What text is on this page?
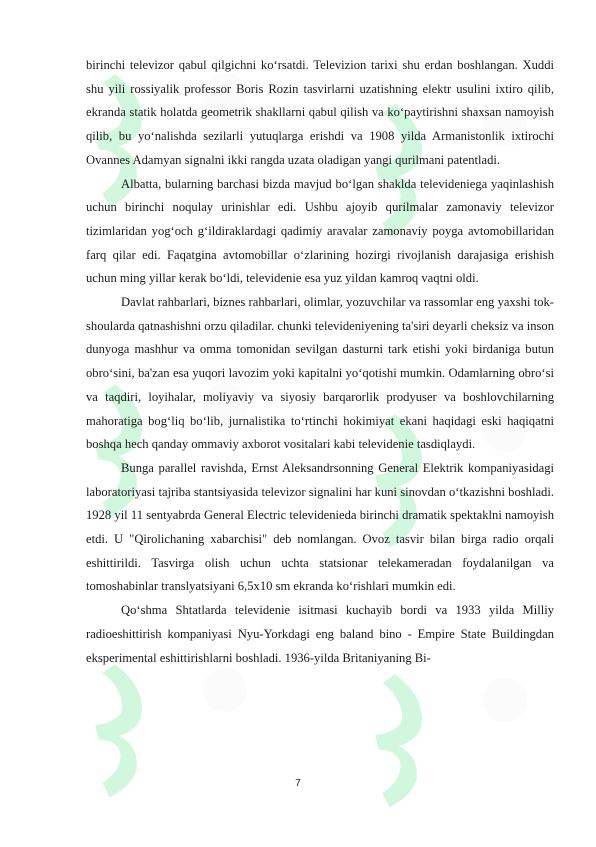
birinchi televizor qabul qilgichni ko‘rsatdi. Televizion tarixi shu erdan boshlangan. Xuddi shu yili rossiyalik professor Boris Rozin tasvirlarni uzatishning elektr usulini ixtiro qilib, ekranda statik holatda geometrik shakllarni qabul qilish va ko‘paytirishni shaxsan namoyish qilib, bu yo‘nalishda sezilarli yutuqlarga erishdi va 1908 yilda Armanistonlik ixtirochi Ovannes Adamyan signalni ikki rangda uzata oladigan yangi qurilmani patentladi.

Albatta, bularning barchasi bizda mavjud bo‘lgan shaklda televideniega yaqinlashish uchun birinchi noqulay urinishlar edi. Ushbu ajoyib qurilmalar zamonaviy televizor tizimlaridan yog‘och g‘ildiraklardagi qadimiy aravalar zamonaviy poyga avtomobillaridan farq qilar edi. Faqatgina avtomobillar o‘zlarining hozirgi rivojlanish darajasiga erishish uchun ming yillar kerak bo‘ldi, televidenie esa yuz yildan kamroq vaqtni oldi.

Davlat rahbarlari, biznes rahbarlari, olimlar, yozuvchilar va rassomlar eng yaxshi tok-shoularda qatnashishni orzu qiladilar. chunki televideniyening ta'siri deyarli cheksiz va inson dunyoga mashhur va omma tomonidan sevilgan dasturni tark etishi yoki birdaniga butun obro‘sini, ba'zan esa yuqori lavozim yoki kapitalni yo‘qotishi mumkin. Odamlarning obro‘si va taqdiri, loyihalar, moliyaviy va siyosiy barqarorlik prodyuser va boshlovchilarning mahoratiga bog‘liq bo‘lib, jurnalistika to‘rtinchi hokimiyat ekani haqidagi eski haqiqatni boshqa hech qanday ommaviy axborot vositalari kabi televidenie tasdiqlaydi.

Bunga parallel ravishda, Ernst Aleksandrsonning General Elektrik kompaniyasidagi laboratoriyasi tajriba stantsiyasida televizor signalini har kuni sinovdan o‘tkazishni boshladi. 1928 yil 11 sentyabrda General Electric televidenieda birinchi dramatik spektaklni namoyish etdi. U "Qirolichaning xabarchisi" deb nomlangan. Ovoz tasvir bilan birga radio orqali eshittirildi. Tasvirga olish uchun uchta statsionar telekameradan foydalanilgan va tomoshabinlar translyatsiyani 6,5x10 sm ekranda ko‘rishlari mumkin edi.

Qo‘shma Shtatlarda televidenie isitmasi kuchayib bordi va 1933 yilda Milliy radioeshittirish kompaniyasi Nyu-Yorkdagi eng baland bino - Empire State Buildingdan eksperimental eshittirishlarni boshladi. 1936-yilda Britaniyaning Bi-

7
